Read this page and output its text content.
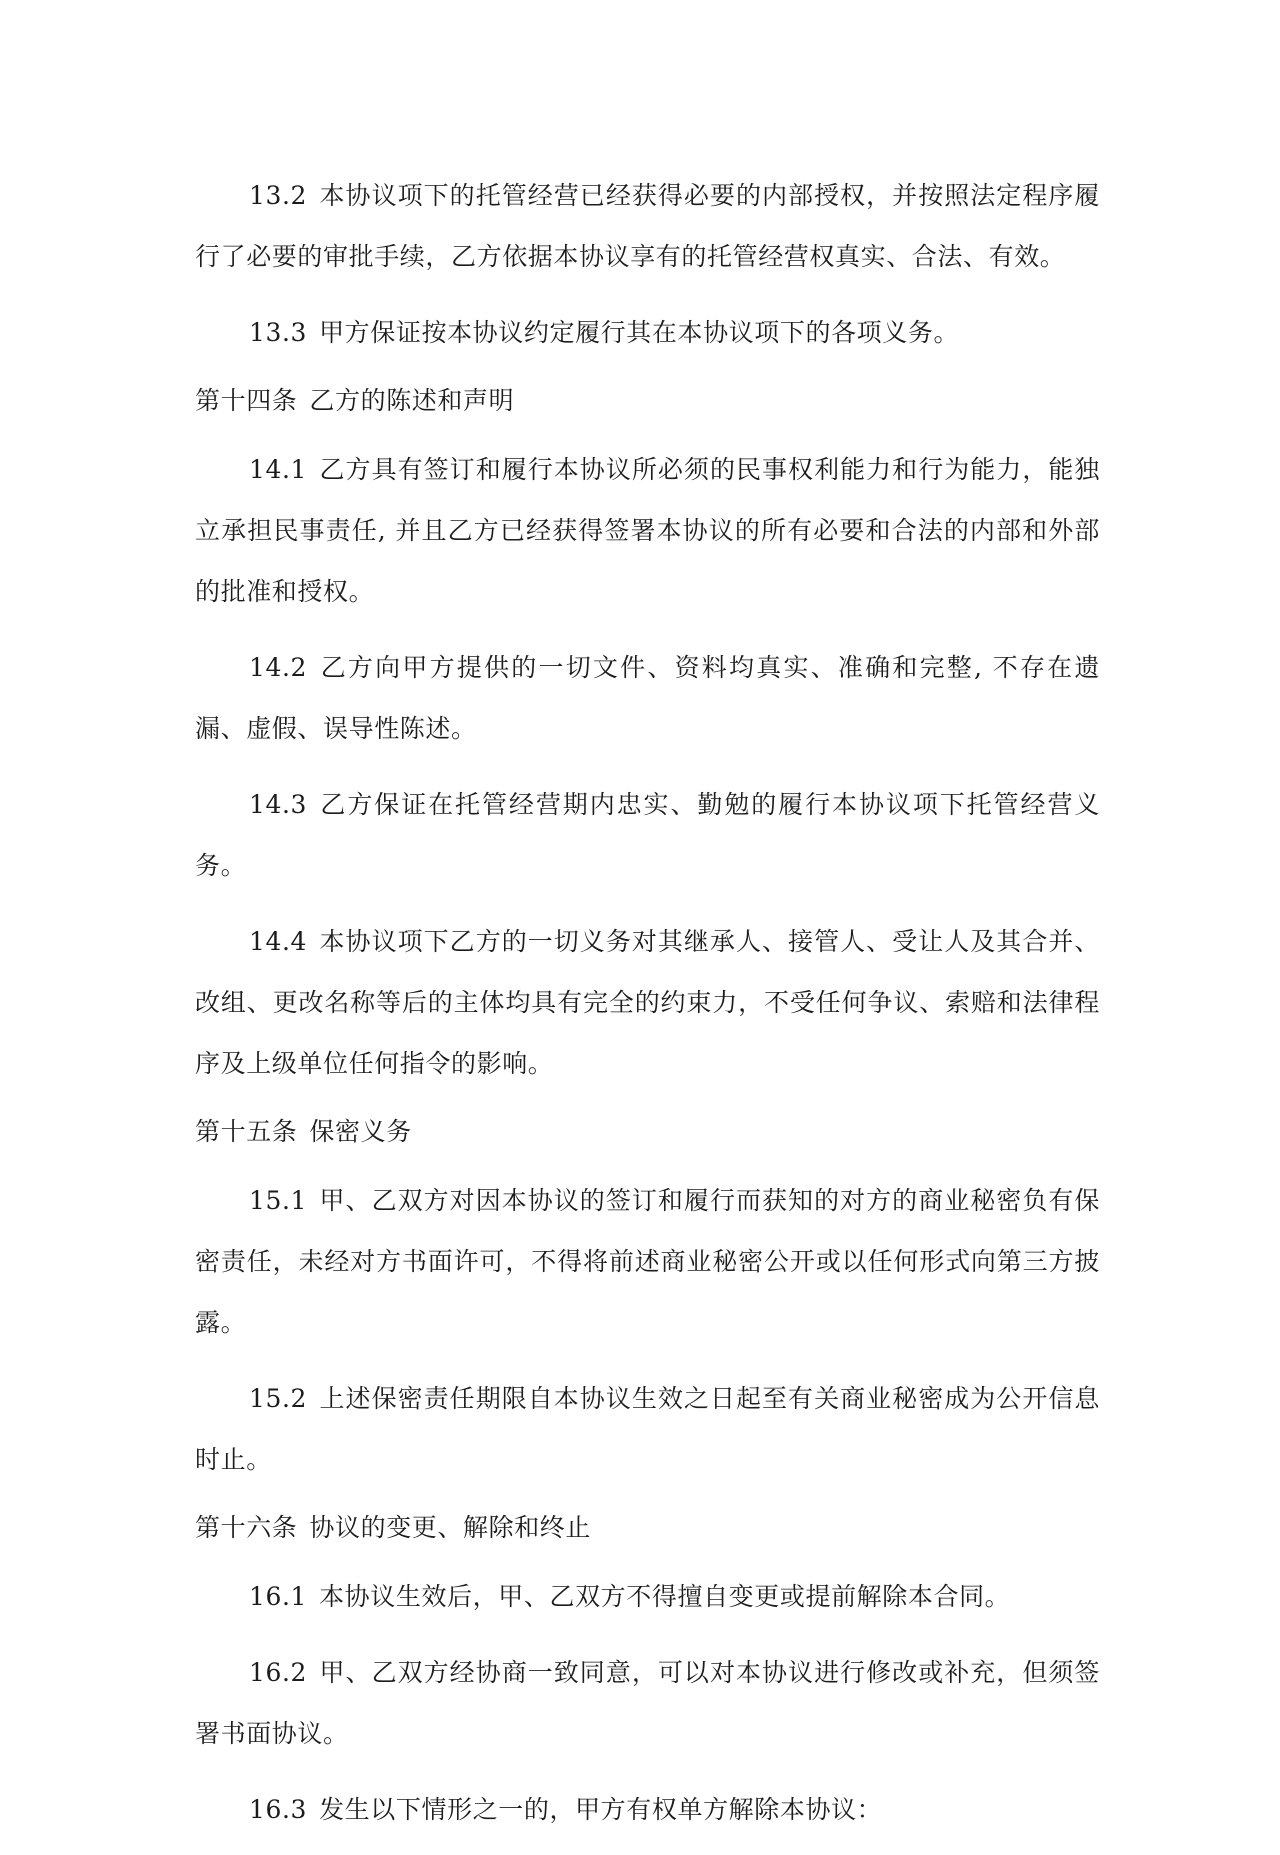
13.2 本协议项下的托管经营已经获得必要的内部授权，并按照法定程序履行了必要的审批手续，乙方依据本协议享有的托管经营权真实、合法、有效。

13.3 甲方保证按本协议约定履行其在本协议项下的各项义务。

第十四条 乙方的陈述和声明

14.1 乙方具有签订和履行本协议所必须的民事权利能力和行为能力，能独立承担民事责任, 并且乙方已经获得签署本协议的所有必要和合法的内部和外部的批准和授权。

14.2 乙方向甲方提供的一切文件、资料均真实、准确和完整, 不存在遗漏、虚假、误导性陈述。

14.3 乙方保证在托管经营期内忠实、勤勉的履行本协议项下托管经营义务。

14.4 本协议项下乙方的一切义务对其继承人、接管人、受让人及其合并、改组、更改名称等后的主体均具有完全的约束力，不受任何争议、索赔和法律程序及上级单位任何指令的影响。

第十五条 保密义务

15.1 甲、乙双方对因本协议的签订和履行而获知的对方的商业秘密负有保密责任，未经对方书面许可，不得将前述商业秘密公开或以任何形式向第三方披露。

15.2 上述保密责任期限自本协议生效之日起至有关商业秘密成为公开信息时止。

第十六条 协议的变更、解除和终止

16.1 本协议生效后，甲、乙双方不得擅自变更或提前解除本合同。

16.2 甲、乙双方经协商一致同意，可以对本协议进行修改或补充，但须签署书面协议。

16.3 发生以下情形之一的，甲方有权单方解除本协议：
